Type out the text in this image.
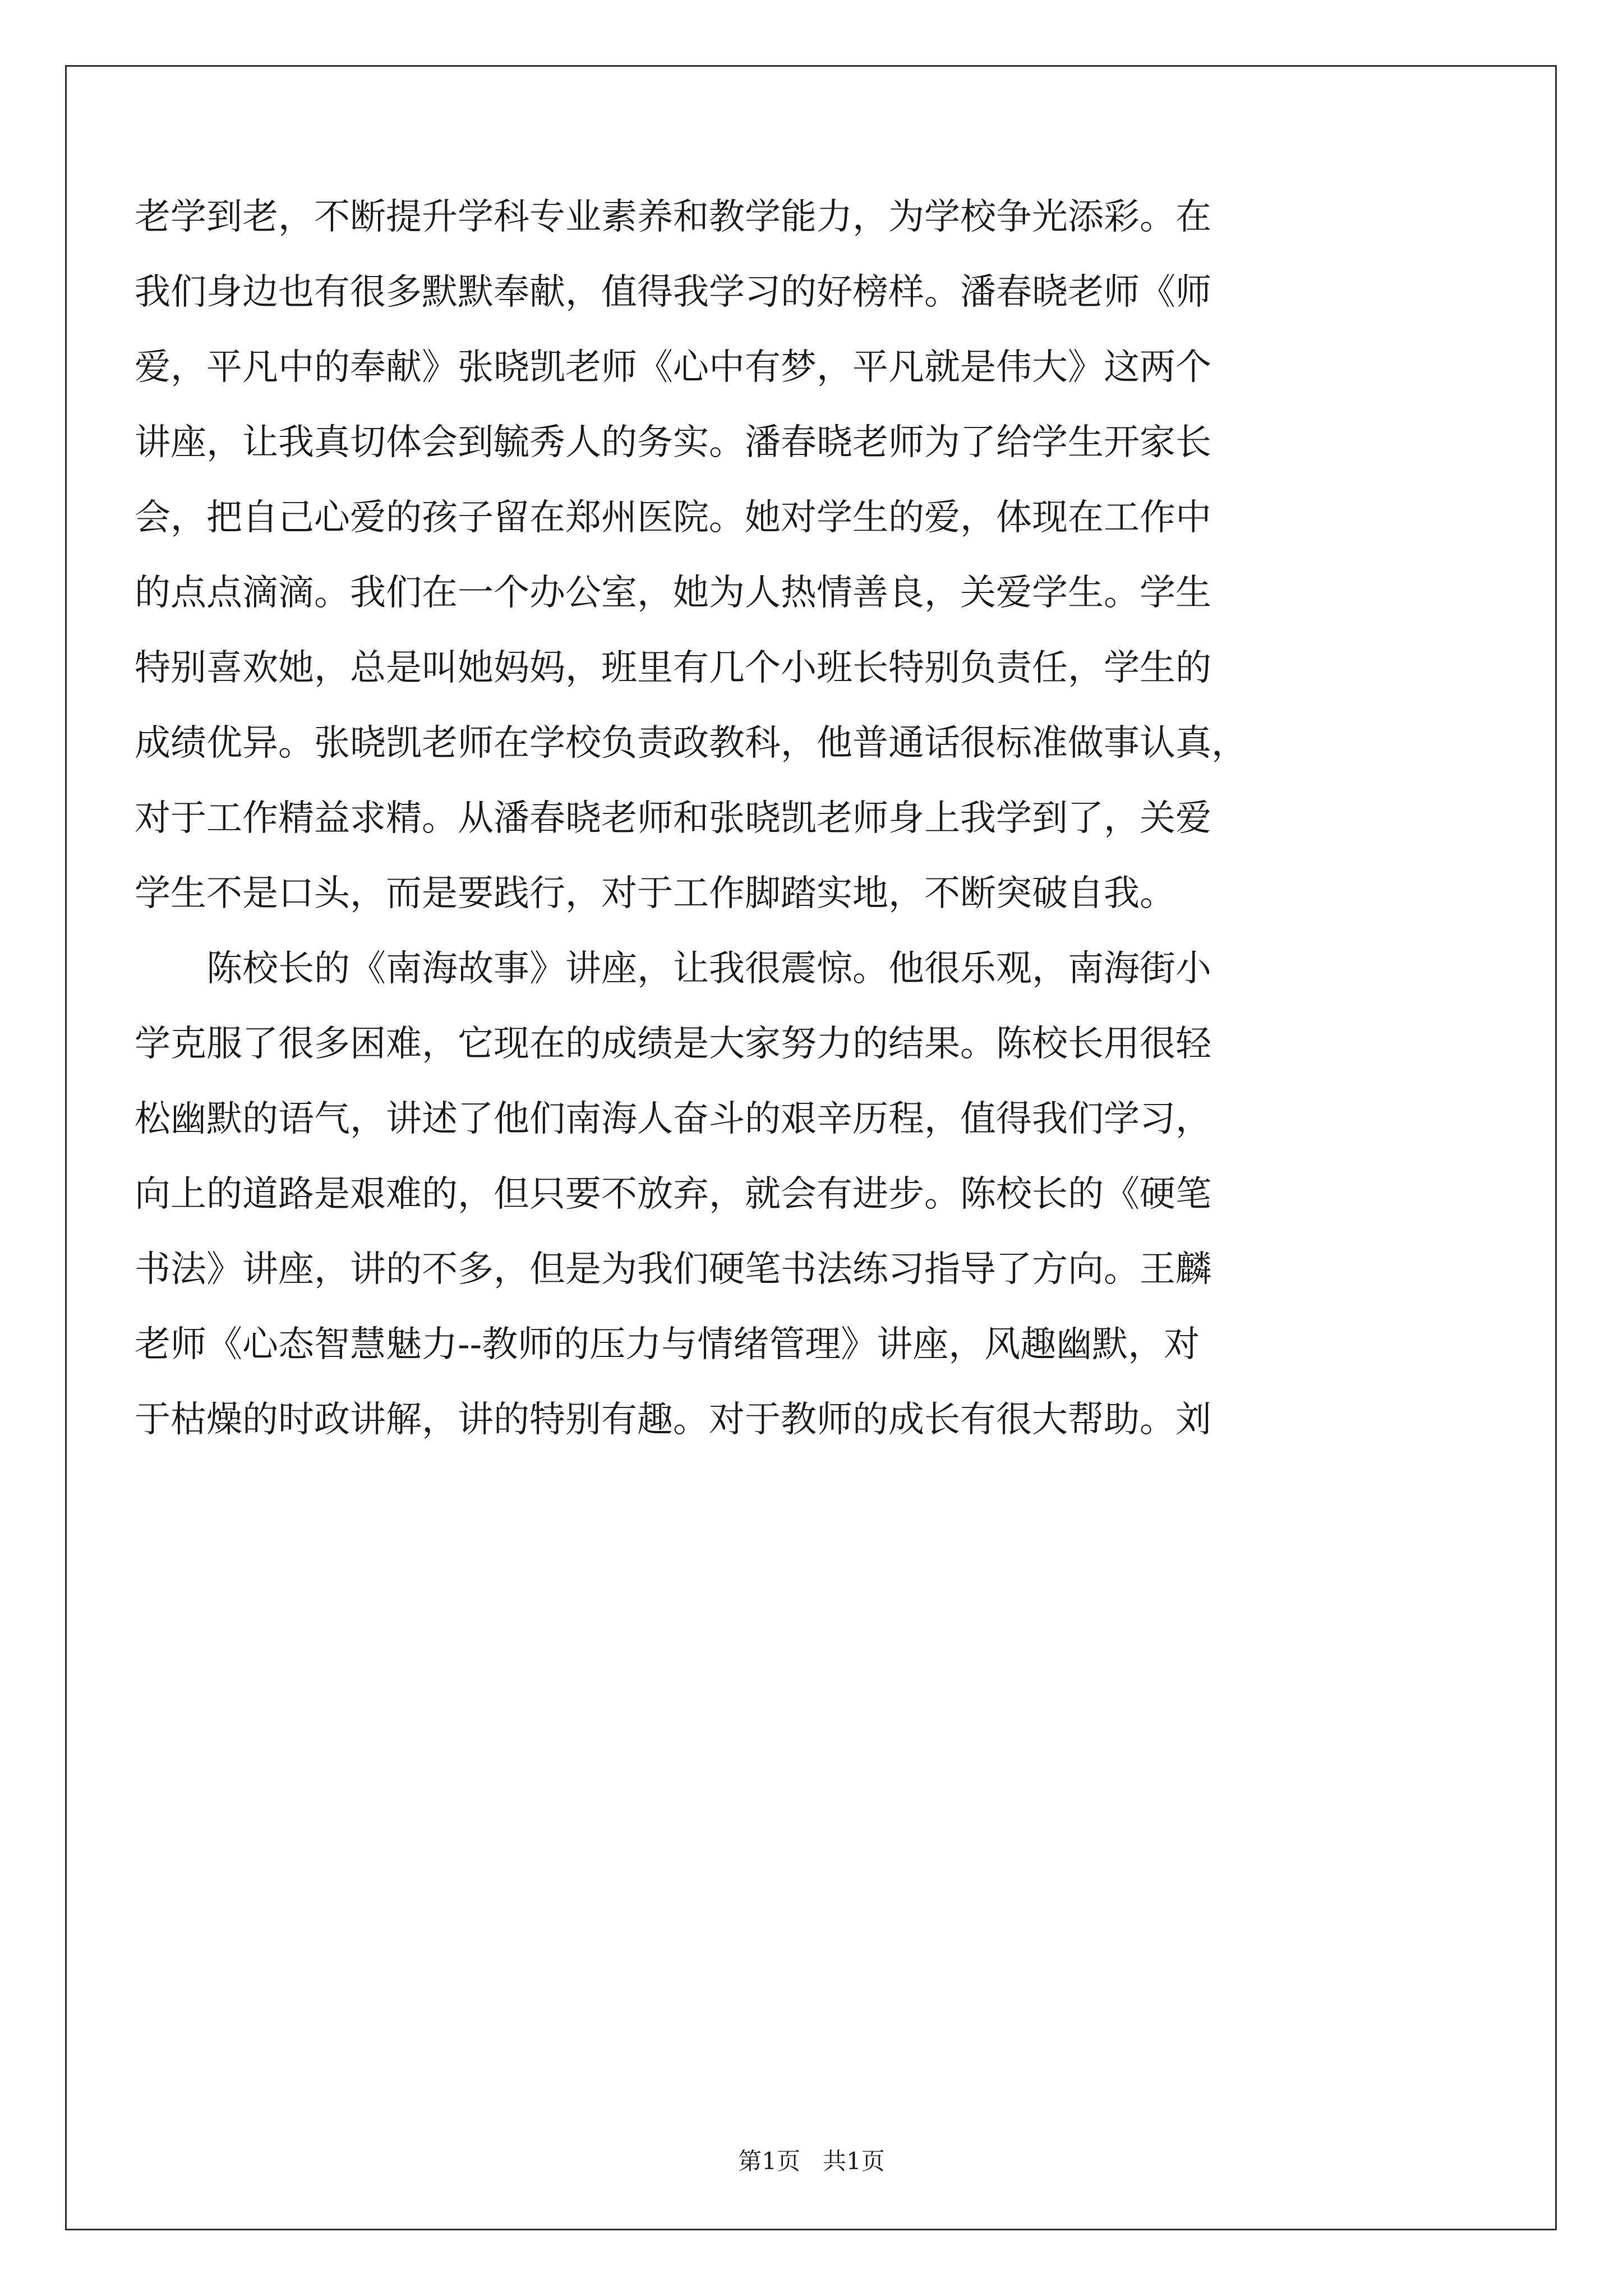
老学到老，不断提升学科专业素养和教学能力，为学校争光添彩。在
我们身边也有很多默默奉献，值得我学习的好榜样。潘春晓老师《师
爱，平凡中的奉献》张晓凯老师《心中有梦，平凡就是伟大》这两个
讲座，让我真切体会到毓秀人的务实。潘春晓老师为了给学生开家长
会，把自己心爱的孩子留在郑州医院。她对学生的爱，体现在工作中
的点点滴滴。我们在一个办公室，她为人热情善良，关爱学生。学生
特别喜欢她，总是叫她妈妈，班里有几个小班长特别负责任，学生的
成绩优异。张晓凯老师在学校负责政教科，他普通话很标准做事认真，
对于工作精益求精。从潘春晓老师和张晓凯老师身上我学到了，关爱
学生不是口头，而是要践行，对于工作脚踏实地，不断突破自我。
陈校长的《南海故事》讲座，让我很震惊。他很乐观，南海街小
学克服了很多困难，它现在的成绩是大家努力的结果。陈校长用很轻
松幽默的语气，讲述了他们南海人奋斗的艰辛历程，值得我们学习，
向上的道路是艰难的，但只要不放弃，就会有进步。陈校长的《硬笔
书法》讲座，讲的不多，但是为我们硬笔书法练习指导了方向。王麟
老师《心态智慧魅力--教师的压力与情绪管理》讲座，风趣幽默，对
于枯燥的时政讲解，讲的特别有趣。对于教师的成长有很大帮助。刘
第1页 共1页
